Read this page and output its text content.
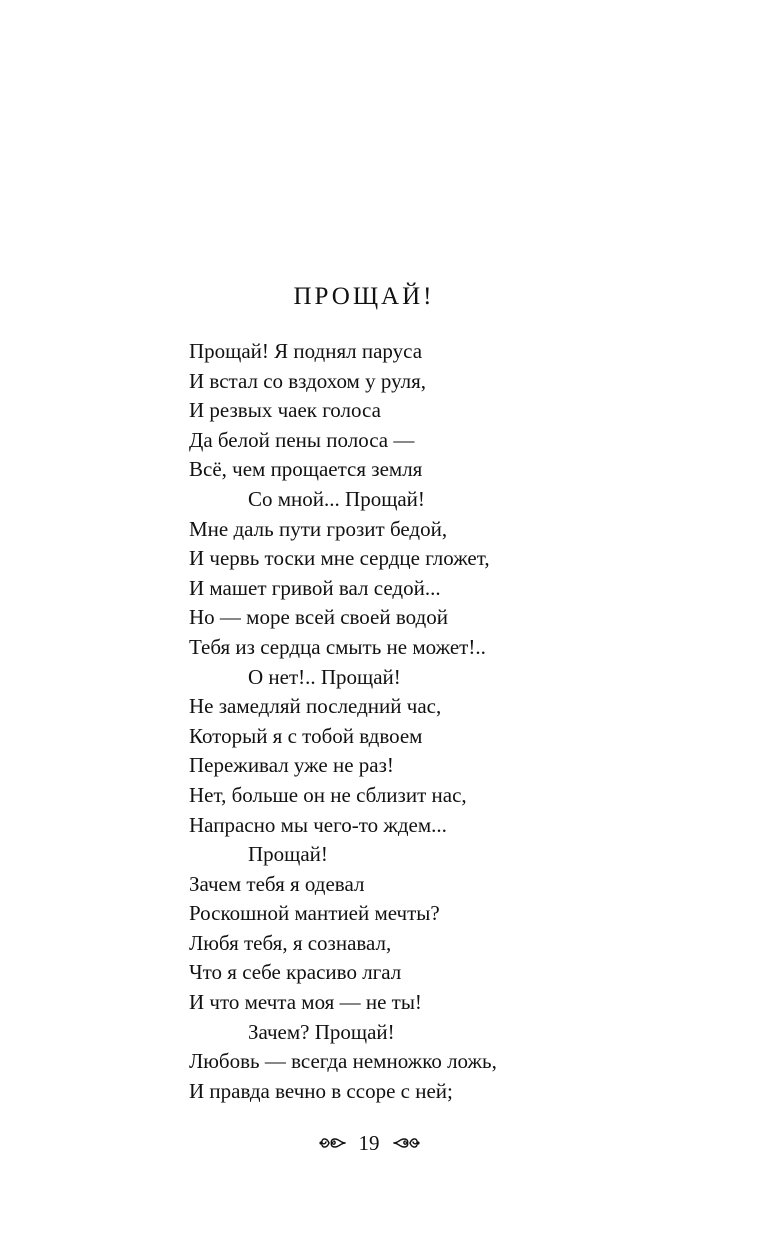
ПРОЩАЙ!
Прощай! Я поднял паруса
И встал со вздохом у руля,
И резвых чаек голоса
Да белой пены полоса —
Всё, чем прощается земля
Со мной... Прощай!
Мне даль пути грозит бедой,
И червь тоски мне сердце гложет,
И машет гривой вал седой...
Но — море всей своей водой
Тебя из сердца смыть не может!..
О нет!.. Прощай!
Не замедляй последний час,
Который я с тобой вдвоем
Переживал уже не раз!
Нет, больше он не сблизит нас,
Напрасно мы чего-то ждем...
Прощай!
Зачем тебя я одевал
Роскошной мантией мечты?
Любя тебя, я сознавал,
Что я себе красиво лгал
И что мечта моя — не ты!
Зачем? Прощай!
Любовь — всегда немножко ложь,
И правда вечно в ссоре с ней;
19
